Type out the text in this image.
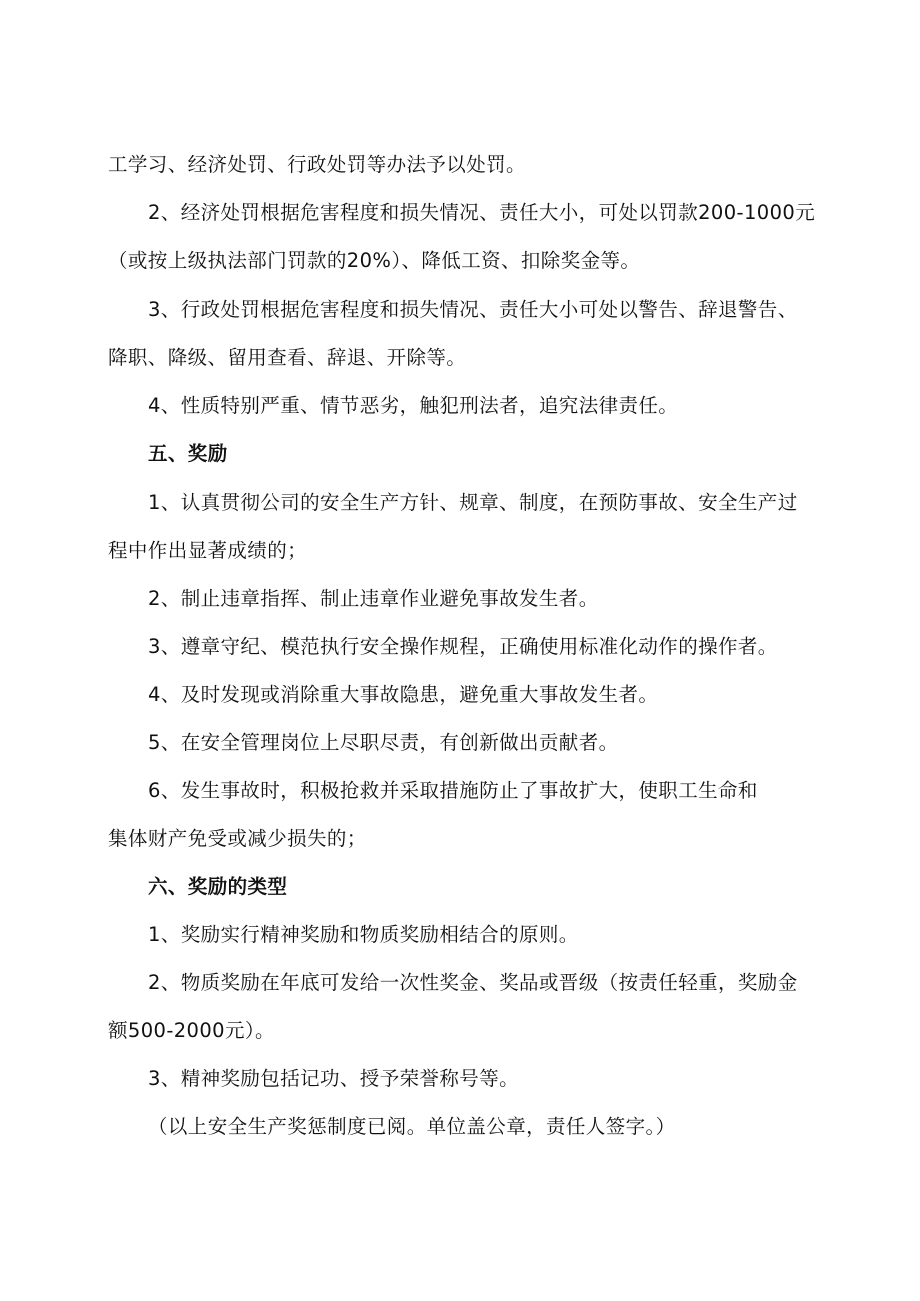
工学习、经济处罚、行政处罚等办法予以处罚。

2、经济处罚根据危害程度和损失情况、责任大小，可处以罚款200-1000元

（或按上级执法部门罚款的20%）、降低工资、扣除奖金等。

3、行政处罚根据危害程度和损失情况、责任大小可处以警告、辞退警告、

降职、降级、留用查看、辞退、开除等。

4、性质特别严重、情节恶劣，触犯刑法者，追究法律责任。

五、奖励

1、认真贯彻公司的安全生产方针、规章、制度，在预防事故、安全生产过

程中作出显著成绩的；

2、制止违章指挥、制止违章作业避免事故发生者。

3、遵章守纪、模范执行安全操作规程，正确使用标准化动作的操作者。

4、及时发现或消除重大事故隐患，避免重大事故发生者。

5、在安全管理岗位上尽职尽责，有创新做出贡献者。

6、发生事故时，积极抢救并采取措施防止了事故扩大，使职工生命和

集体财产免受或减少损失的；

六、奖励的类型

1、奖励实行精神奖励和物质奖励相结合的原则。

2、物质奖励在年底可发给一次性奖金、奖品或晋级（按责任轻重，奖励金

额500-2000元）。

3、精神奖励包括记功、授予荣誉称号等。

（以上安全生产奖惩制度已阅。单位盖公章，责任人签字。）
